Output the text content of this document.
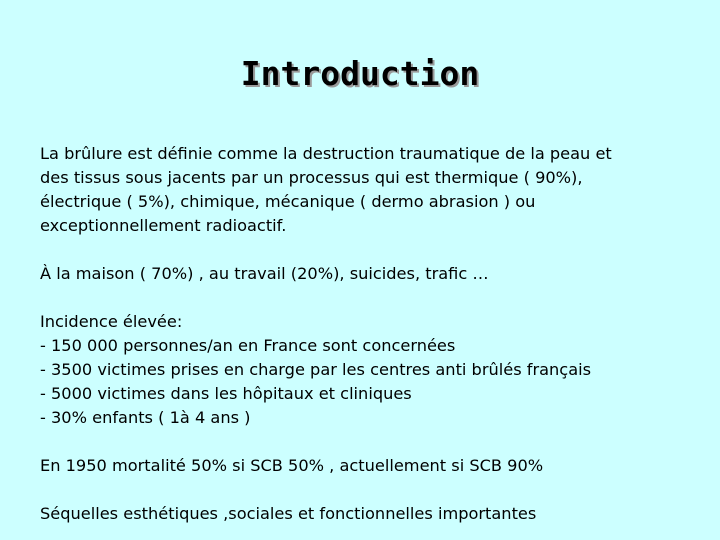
Introduction
La brûlure est définie comme la destruction traumatique de la peau et
des tissus sous jacents par un processus qui est thermique ( 90%),
électrique ( 5%), chimique, mécanique ( dermo abrasion ) ou
exceptionnellement radioactif.
À la maison ( 70%) , au travail (20%), suicides, trafic …
Incidence élevée:
- 150 000 personnes/an en France sont concernées
- 3500 victimes prises en charge par les centres anti brûlés français
- 5000 victimes dans les hôpitaux et cliniques
- 30% enfants ( 1à 4 ans )
En 1950 mortalité 50% si SCB 50% , actuellement si SCB 90%
Séquelles esthétiques ,sociales et fonctionnelles importantes
